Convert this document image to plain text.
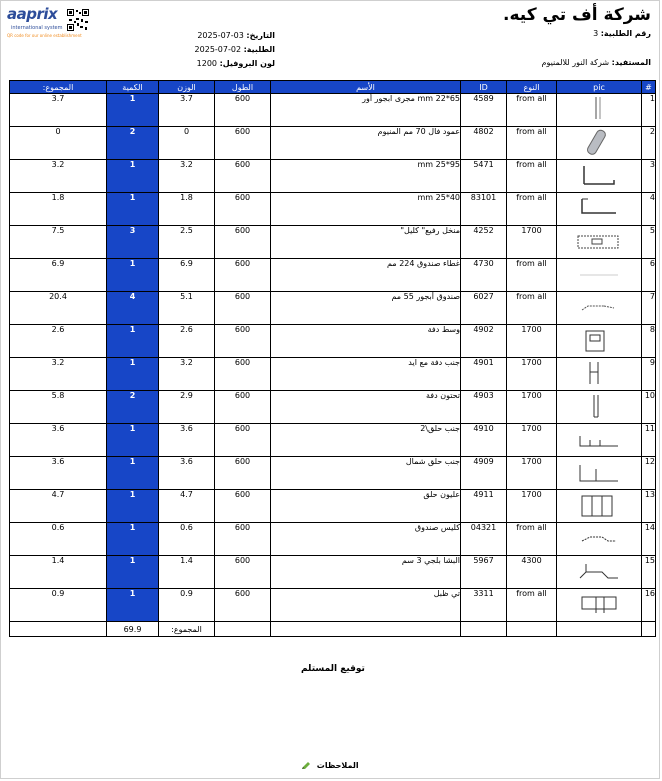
aaprix
international system
QR code for our online establishment
شركة أف تي كيه.
رقم الطلبية: 3
المستفيد: شركة النور للالمنيوم
التاريخ: 03-07-2025
الطلبية: 02-07-2025
لون البروفيل: 1200
#	pic	النوع	ID	الأسم	الطول	الوزن	الكمية	المجموع:
1		from all	4589	65*22 mm مجرى ابجور أور	600	3.7	1	3.7
2		from all	4802	عمود فال 70 مم المنيوم	600	0	2	0
3		from all	5471	95*25 mm	600	3.2	1	3.2
4		from all	83101	40*25 mm	600	1.8	1	1.8
5		1700	4252	منخل رفيع" كليل"	600	2.5	3	7.5
6		from all	4730	غطاء صندوق 224 مم	600	6.9	1	6.9
7		from all	6027	صندوق أبجور 55 مم	600	5.1	4	20.4
8		1700	4902	وسط دفة	600	2.6	1	2.6
9		1700	4901	جنب دفة مع ايد	600	3.2	1	3.2
10		1700	4903	تحتون دفة	600	2.9	2	5.8
11		1700	4910	جنب حلق\2	600	3.6	1	3.6
12		1700	4909	جنب حلق شمال	600	3.6	1	3.6
13		1700	4911	عليون حلق	600	4.7	1	4.7
14		from all	04321	كليس صندوق	600	0.6	1	0.6
15		4300	5967	البشا بلجي 3 سم	600	1.4	1	1.4
16		from all	3311	تي ظبل	600	0.9	1	0.9
						المجموع:	69.9	
توقيع المستلم
الملاحظات
